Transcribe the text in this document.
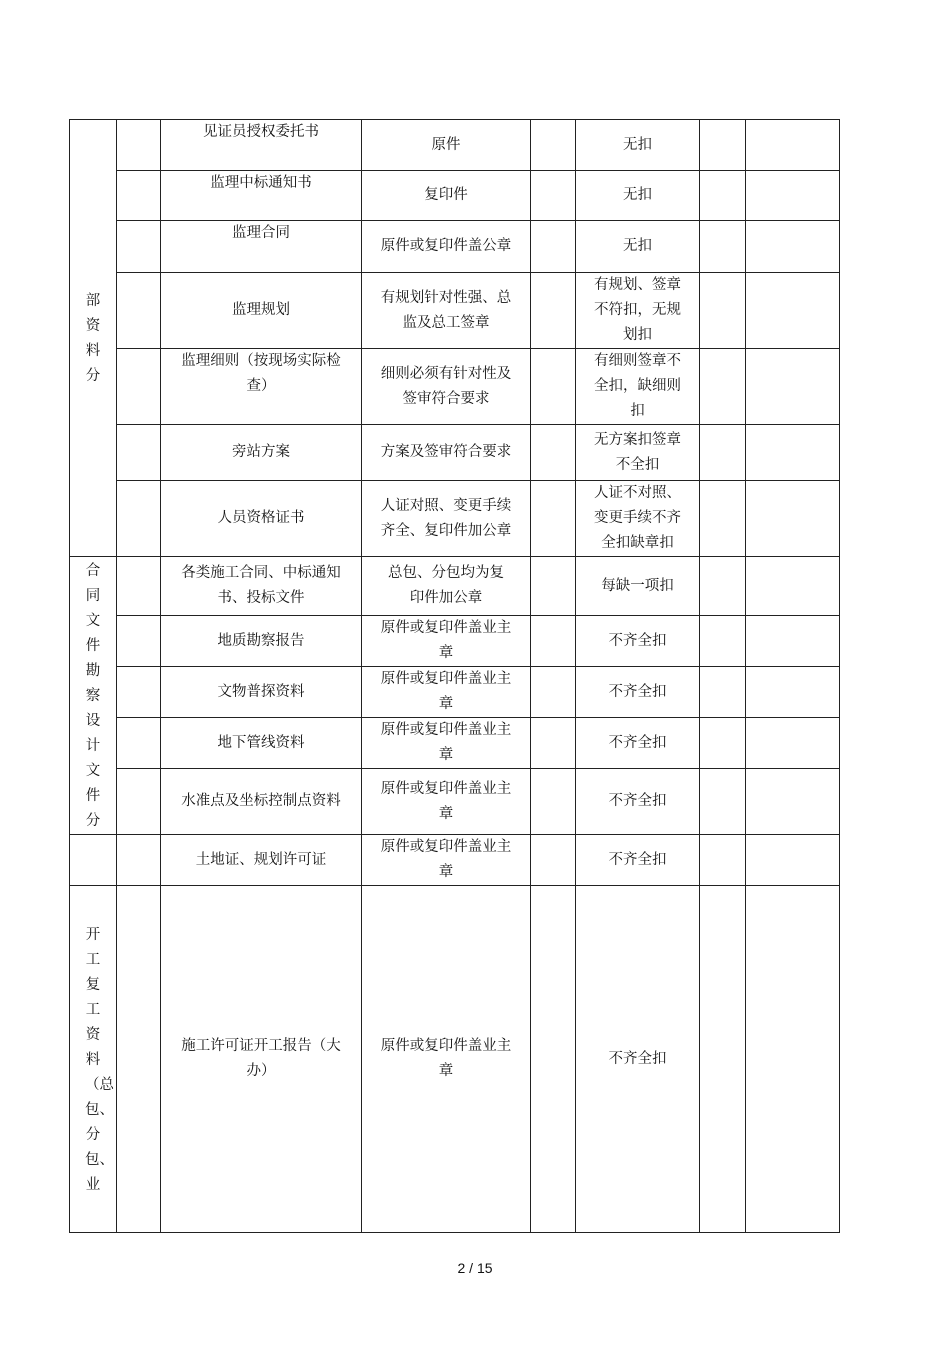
部资料分		见证员授权委托书	原件		无扣		

		监理中标通知书	复印件		无扣		

		监理合同	原件或复印件盖公章		无扣		

		监理规划	有规划针对性强、总监及总工签章		有规划、签章不符扣，无规划扣		

		监理细则（按现场实际检查）	细则必须有针对性及签审符合要求		有细则签章不全扣，缺细则扣		

		旁站方案	方案及签审符合要求		无方案扣签章不全扣		

		人员资格证书	人证对照、变更手续齐全、复印件加公章		人证不对照、变更手续不齐全扣缺章扣		

合同文件勘察设计文件分		各类施工合同、中标通知书、投标文件	总包、分包均为复印件加公章		每缺一项扣		

		地质勘察报告	原件或复印件盖业主章		不齐全扣		

		文物普探资料	原件或复印件盖业主章		不齐全扣		

		地下管线资料	原件或复印件盖业主章		不齐全扣		

		水准点及坐标控制点资料	原件或复印件盖业主章		不齐全扣		

		土地证、规划许可证	原件或复印件盖业主章		不齐全扣		

开工复工资料（总包、分包、业		施工许可证开工报告（大办）	原件或复印件盖业主章		不齐全扣		
2 / 15
